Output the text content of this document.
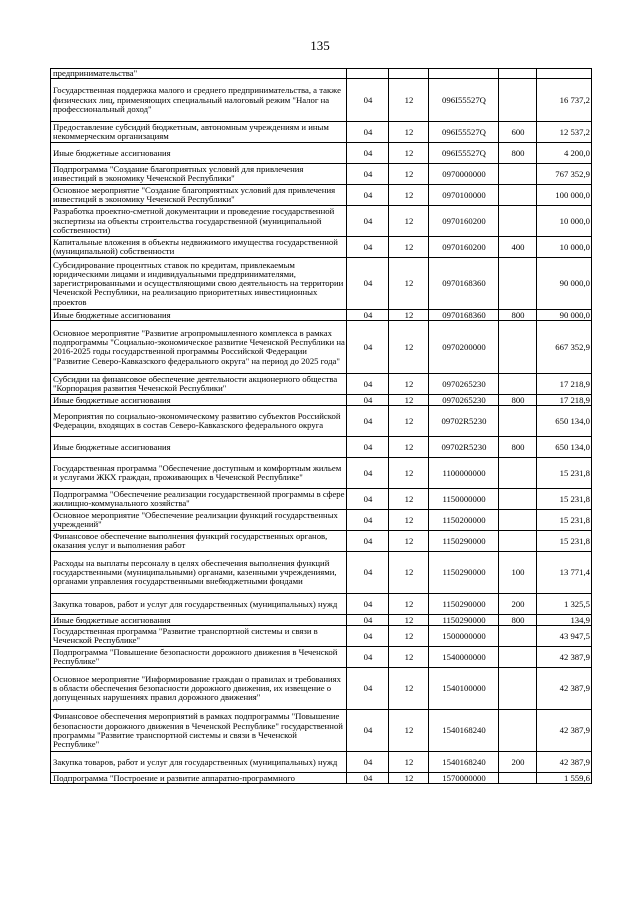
135
предпринимательства"					
Государственная поддержка малого и среднего предпринимательства, а также физических лиц, применяющих специальный налоговый режим "Налог на профессиональный доход"	04	12	096I55527Q		16 737,2
Предоставление субсидий бюджетным, автономным учреждениям и иным некоммерческим организациям	04	12	096I55527Q	600	12 537,2
Иные бюджетные ассигнования	04	12	096I55527Q	800	4 200,0
Подпрограмма "Создание благоприятных условий для привлечения инвестиций в экономику Чеченской Республики"	04	12	0970000000		767 352,9
Основное мероприятие "Создание благоприятных условий для привлечения инвестиций в экономику Чеченской Республики"	04	12	0970100000		100 000,0
Разработка проектно-сметной документации и проведение государственной экспертизы на объекты строительства государственной (муниципальной собственности)	04	12	0970160200		10 000,0
Капитальные вложения в объекты недвижимого имущества государственной (муниципальной) собственности	04	12	0970160200	400	10 000,0
Субсидирование процентных ставок по кредитам, привлекаемым юридическими лицами и индивидуальными предпринимателями, зарегистрированными и осуществляющими свою деятельность на территории Чеченской Республики, на реализацию приоритетных инвестиционных проектов	04	12	0970168360		90 000,0
Иные бюджетные ассигнования	04	12	0970168360	800	90 000,0
Основное мероприятие "Развитие агропромышленного комплекса в рамках подпрограммы "Социально-экономическое развитие Чеченской Республики на 2016-2025 годы государственной программы Российской Федерации "Развитие Северо-Кавказского федерального округа" на период до 2025 года"	04	12	0970200000		667 352,9
Субсидии на финансовое обеспечение деятельности акционерного общества "Корпорация развития Чеченской Республики"	04	12	0970265230		17 218,9
Иные бюджетные ассигнования	04	12	0970265230	800	17 218,9
Мероприятия по социально-экономическому развитию субъектов Российской Федерации, входящих в состав Северо-Кавказского федерального округа	04	12	09702R5230		650 134,0
Иные бюджетные ассигнования	04	12	09702R5230	800	650 134,0
Государственная программа "Обеспечение доступным и комфортным жильем и услугами ЖКХ граждан, проживающих в Чеченской Республике"	04	12	1100000000		15 231,8
Подпрограмма "Обеспечение реализации государственной программы в сфере жилищно-коммунального хозяйства"	04	12	1150000000		15 231,8
Основное мероприятие "Обеспечение реализации функций государственных учреждений"	04	12	1150200000		15 231,8
Финансовое обеспечение выполнения функций государственных органов, оказания услуг и выполнения работ	04	12	1150290000		15 231,8
Расходы на выплаты персоналу в целях обеспечения выполнения функций государственными (муниципальными) органами, казенными учреждениями, органами управления государственными внебюджетными фондами	04	12	1150290000	100	13 771,4
Закупка товаров, работ и услуг для государственных (муниципальных) нужд	04	12	1150290000	200	1 325,5
Иные бюджетные ассигнования	04	12	1150290000	800	134,9
Государственная программа "Развитие транспортной системы и связи в Чеченской Республике"	04	12	1500000000		43 947,5
Подпрограмма "Повышение безопасности дорожного движения в Чеченской Республике"	04	12	1540000000		42 387,9
Основное мероприятие "Информирование граждан о правилах и требованиях в области обеспечения безопасности дорожного движения, их извещение о допущенных нарушениях правил дорожного движения"	04	12	1540100000		42 387,9
Финансовое обеспечения мероприятий в рамках подпрограммы "Повышение безопасности дорожного движения в Чеченской Республике" государственной программы "Развитие транспортной системы и связи в Чеченской Республике"	04	12	1540168240		42 387,9
Закупка товаров, работ и услуг для государственных (муниципальных) нужд	04	12	1540168240	200	42 387,9
Подпрограмма "Построение и развитие аппаратно-программного	04	12	1570000000		1 559,6
